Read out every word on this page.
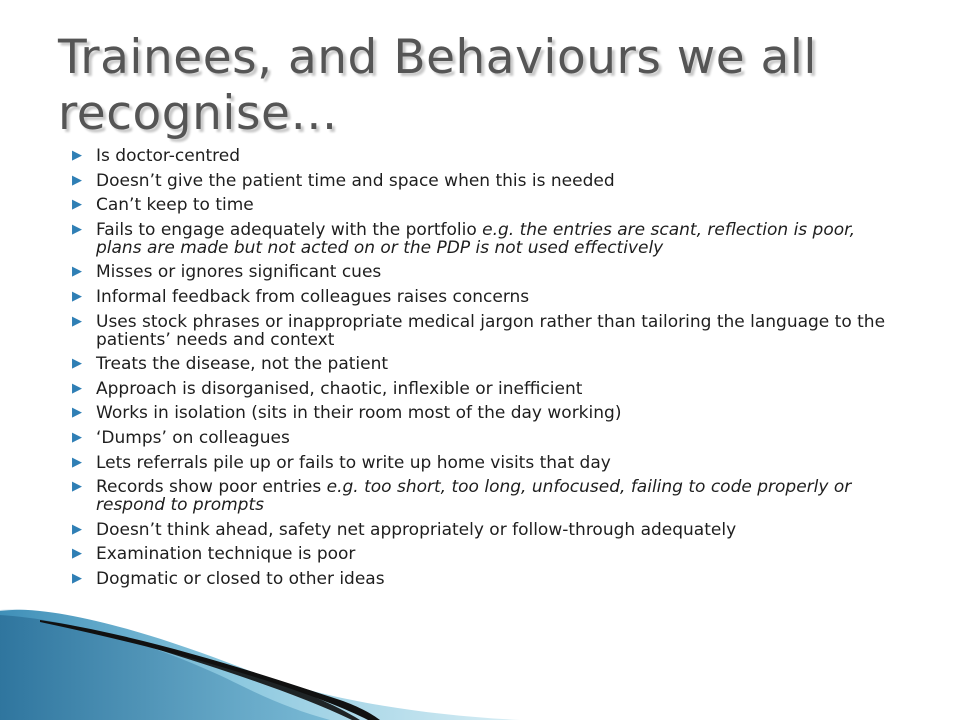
Trainees, and Behaviours we all recognise…
▶ Is doctor-centred
▶ Doesn’t give the patient time and space when this is needed
▶ Can’t keep to time
▶ Fails to engage adequately with the portfolio e.g. the entries are scant, reflection is poor, plans are made but not acted on or the PDP is not used effectively
▶ Misses or ignores significant cues
▶ Informal feedback from colleagues raises concerns
▶ Uses stock phrases or inappropriate medical jargon rather than tailoring the language to the patients’ needs and context
▶ Treats the disease, not the patient
▶ Approach is disorganised, chaotic, inflexible or inefficient
▶ Works in isolation (sits in their room most of the day working)
▶ ‘Dumps’ on colleagues
▶ Lets referrals pile up or fails to write up home visits that day
▶ Records show poor entries e.g. too short, too long, unfocused, failing to code properly or respond to prompts
▶ Doesn’t think ahead, safety net appropriately or follow-through adequately
▶ Examination technique is poor
▶ Dogmatic or closed to other ideas
